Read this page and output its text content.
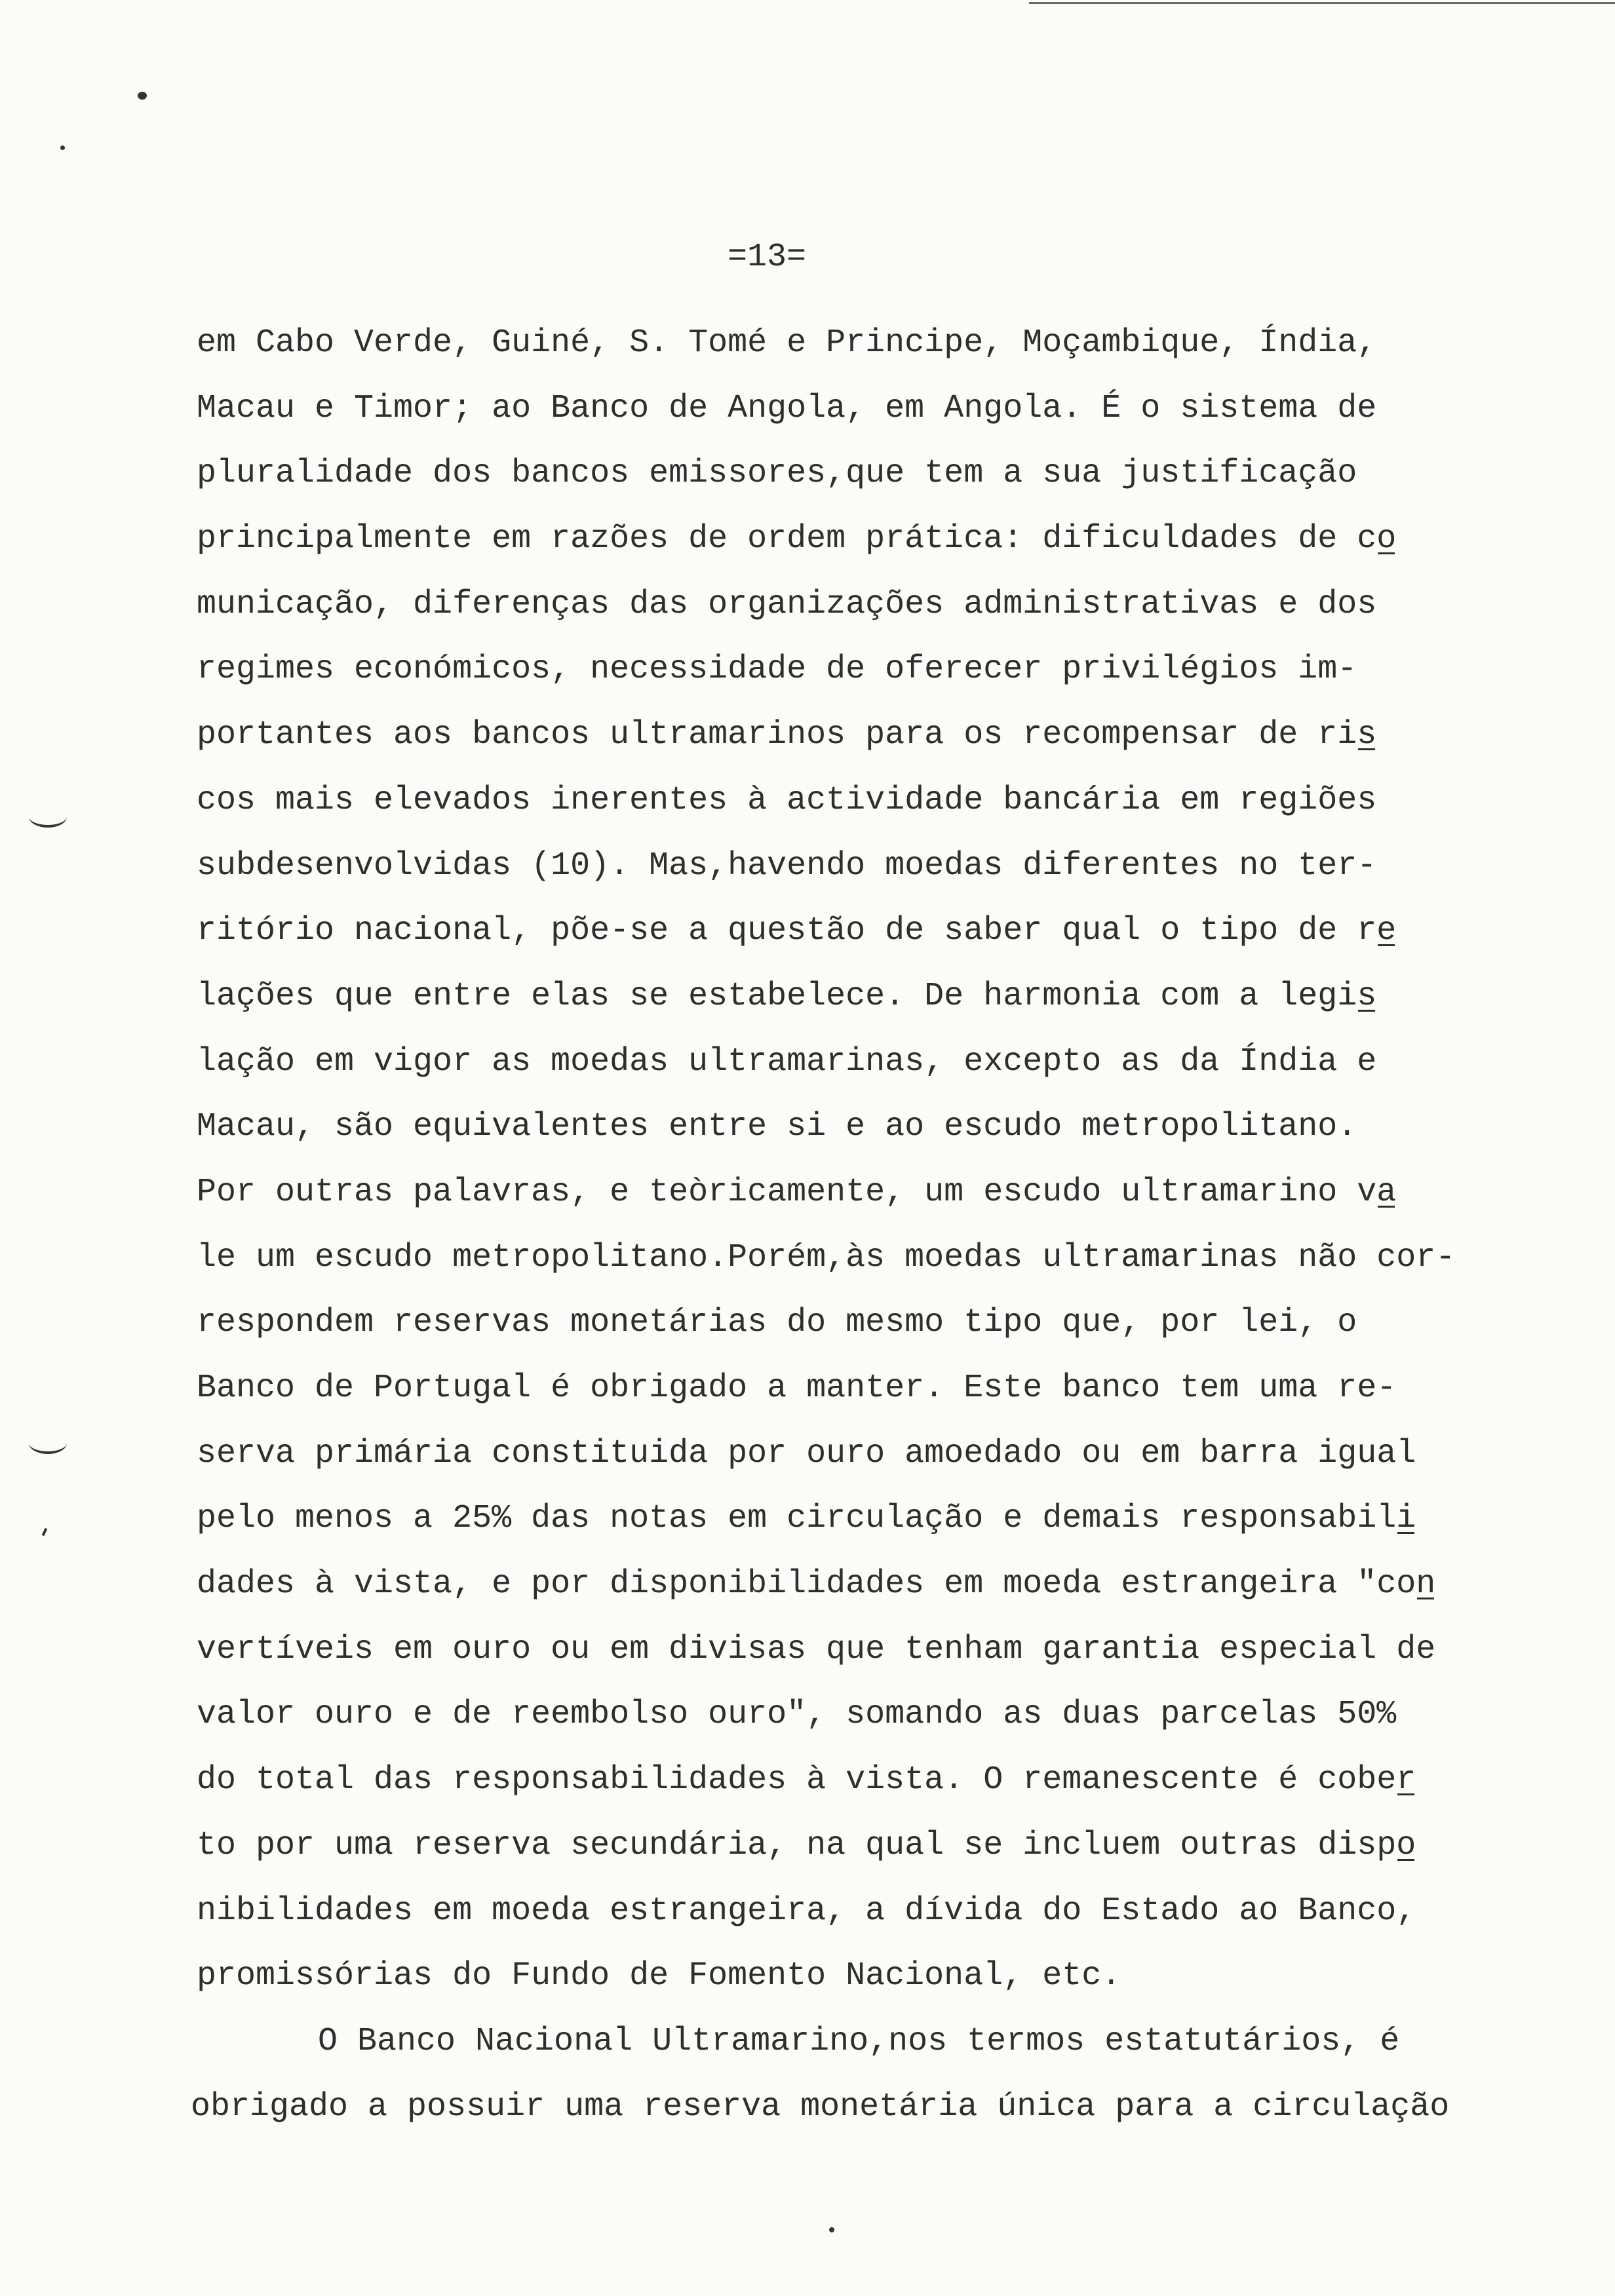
=13=
em Cabo Verde, Guiné, S. Tomé e Principe, Moçambique, Índia,
Macau e Timor; ao Banco de Angola, em Angola. É o sistema de
pluralidade dos bancos emissores,que tem a sua justificação
principalmente em razões de ordem prática: dificuldades de co
municação, diferenças das organizações administrativas e dos
regimes económicos, necessidade de oferecer privilégios im-
portantes aos bancos ultramarinos para os recompensar de ris
cos mais elevados inerentes à actividade bancária em regiões
subdesenvolvidas (10). Mas,havendo moedas diferentes no ter-
ritório nacional, põe-se a questão de saber qual o tipo de re
lações que entre elas se estabelece. De harmonia com a legis
lação em vigor as moedas ultramarinas, excepto as da Índia e
Macau, são equivalentes entre si e ao escudo metropolitano.
Por outras palavras, e teòricamente, um escudo ultramarino va
le um escudo metropolitano.Porém,às moedas ultramarinas não cor-
respondem reservas monetárias do mesmo tipo que, por lei, o
Banco de Portugal é obrigado a manter. Este banco tem uma re-
serva primária constituida por ouro amoedado ou em barra igual
pelo menos a 25% das notas em circulação e demais responsabili
dades à vista, e por disponibilidades em moeda estrangeira "con
vertíveis em ouro ou em divisas que tenham garantia especial de
valor ouro e de reembolso ouro", somando as duas parcelas 50%
do total das responsabilidades à vista. O remanescente é cober
to por uma reserva secundária, na qual se incluem outras dispo
nibilidades em moeda estrangeira, a dívida do Estado ao Banco,
promissórias do Fundo de Fomento Nacional, etc.
O Banco Nacional Ultramarino,nos termos estatutários, é
obrigado a possuir uma reserva monetária única para a circulação
